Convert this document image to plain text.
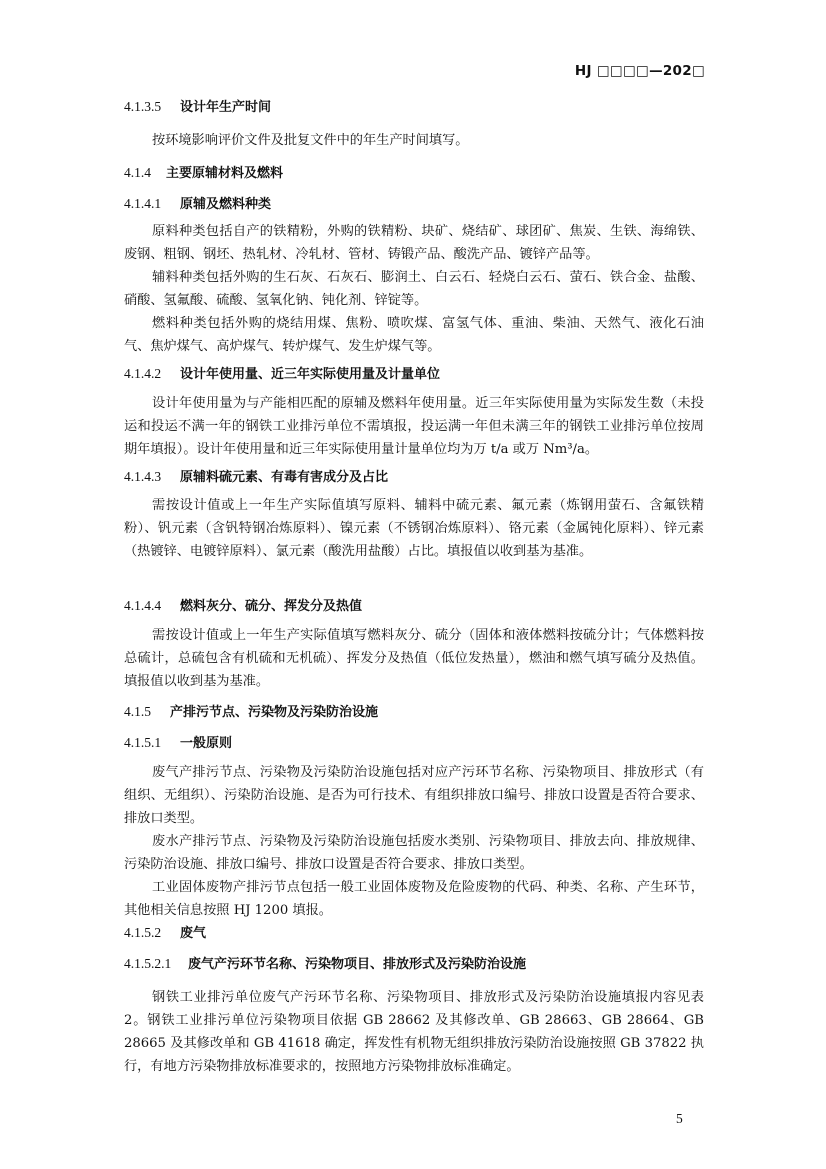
HJ □□□□—202□
4.1.3.5 设计年生产时间
按环境影响评价文件及批复文件中的年生产时间填写。
4.1.4 主要原辅材料及燃料
4.1.4.1 原辅及燃料种类
原料种类包括自产的铁精粉，外购的铁精粉、块矿、烧结矿、球团矿、焦炭、生铁、海绵铁、废钢、粗钢、钢坯、热轧材、冷轧材、管材、铸锻产品、酸洗产品、镀锌产品等。
辅料种类包括外购的生石灰、石灰石、膨润土、白云石、轻烧白云石、萤石、铁合金、盐酸、硝酸、氢氟酸、硫酸、氢氧化钠、钝化剂、锌锭等。
燃料种类包括外购的烧结用煤、焦粉、喷吹煤、富氢气体、重油、柴油、天然气、液化石油气、焦炉煤气、高炉煤气、转炉煤气、发生炉煤气等。
4.1.4.2 设计年使用量、近三年实际使用量及计量单位
设计年使用量为与产能相匹配的原辅及燃料年使用量。近三年实际使用量为实际发生数（未投运和投运不满一年的钢铁工业排污单位不需填报，投运满一年但未满三年的钢铁工业排污单位按周期年填报）。设计年使用量和近三年实际使用量计量单位均为万 t/a 或万 Nm³/a。
4.1.4.3 原辅料硫元素、有毒有害成分及占比
需按设计值或上一年生产实际值填写原料、辅料中硫元素、氟元素（炼钢用萤石、含氟铁精粉）、钒元素（含钒特钢冶炼原料）、镍元素（不锈钢冶炼原料）、铬元素（金属钝化原料）、锌元素（热镀锌、电镀锌原料）、氯元素（酸洗用盐酸）占比。填报值以收到基为基准。
4.1.4.4 燃料灰分、硫分、挥发分及热值
需按设计值或上一年生产实际值填写燃料灰分、硫分（固体和液体燃料按硫分计；气体燃料按总硫计，总硫包含有机硫和无机硫）、挥发分及热值（低位发热量），燃油和燃气填写硫分及热值。填报值以收到基为基准。
4.1.5 产排污节点、污染物及污染防治设施
4.1.5.1 一般原则
废气产排污节点、污染物及污染防治设施包括对应产污环节名称、污染物项目、排放形式（有组织、无组织）、污染防治设施、是否为可行技术、有组织排放口编号、排放口设置是否符合要求、排放口类型。
废水产排污节点、污染物及污染防治设施包括废水类别、污染物项目、排放去向、排放规律、污染防治设施、排放口编号、排放口设置是否符合要求、排放口类型。
工业固体废物产排污节点包括一般工业固体废物及危险废物的代码、种类、名称、产生环节，其他相关信息按照 HJ 1200 填报。
4.1.5.2 废气
4.1.5.2.1 废气产污环节名称、污染物项目、排放形式及污染防治设施
钢铁工业排污单位废气产污环节名称、污染物项目、排放形式及污染防治设施填报内容见表 2。钢铁工业排污单位污染物项目依据 GB 28662 及其修改单、GB 28663、GB 28664、GB 28665 及其修改单和 GB 41618 确定，挥发性有机物无组织排放污染防治设施按照 GB 37822 执行，有地方污染物排放标准要求的，按照地方污染物排放标准确定。
5
